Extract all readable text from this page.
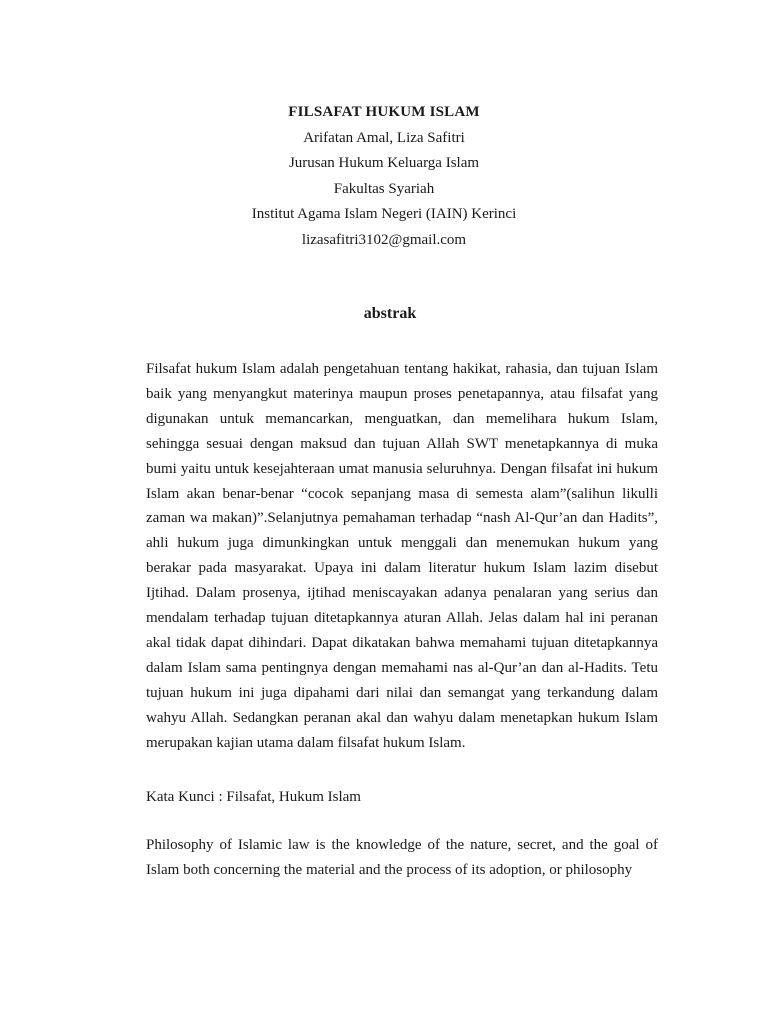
FILSAFAT HUKUM ISLAM
Arifatan Amal, Liza Safitri
Jurusan Hukum Keluarga Islam
Fakultas Syariah
Institut Agama Islam Negeri (IAIN) Kerinci
lizasafitri3102@gmail.com
abstrak

Filsafat hukum Islam adalah pengetahuan tentang hakikat, rahasia, dan tujuan Islam baik yang menyangkut materinya maupun proses penetapannya, atau filsafat yang digunakan untuk memancarkan, menguatkan, dan memelihara hukum Islam, sehingga sesuai dengan maksud dan tujuan Allah SWT menetapkannya di muka bumi yaitu untuk kesejahteraan umat manusia seluruhnya. Dengan filsafat ini hukum Islam akan benar-benar “cocok sepanjang masa di semesta alam”(salihun likulli zaman wa makan)”.Selanjutnya pemahaman terhadap “nash Al-Qur’an dan Hadits”, ahli hukum juga dimunkingkan untuk menggali dan menemukan hukum yang berakar pada masyarakat. Upaya ini dalam literatur hukum Islam lazim disebut Ijtihad. Dalam prosenya, ijtihad meniscayakan adanya penalaran yang serius dan mendalam terhadap tujuan ditetapkannya aturan Allah. Jelas dalam hal ini peranan akal tidak dapat dihindari. Dapat dikatakan bahwa memahami tujuan ditetapkannya dalam Islam sama pentingnya dengan memahami nas al-Qur’an dan al-Hadits. Tetu tujuan hukum ini juga dipahami dari nilai dan semangat yang terkandung dalam wahyu Allah. Sedangkan peranan akal dan wahyu dalam menetapkan hukum Islam merupakan kajian utama dalam filsafat hukum Islam.

Kata Kunci : Filsafat, Hukum Islam

Philosophy of Islamic law is the knowledge of the nature, secret, and the goal of Islam both concerning the material and the process of its adoption, or philosophy
